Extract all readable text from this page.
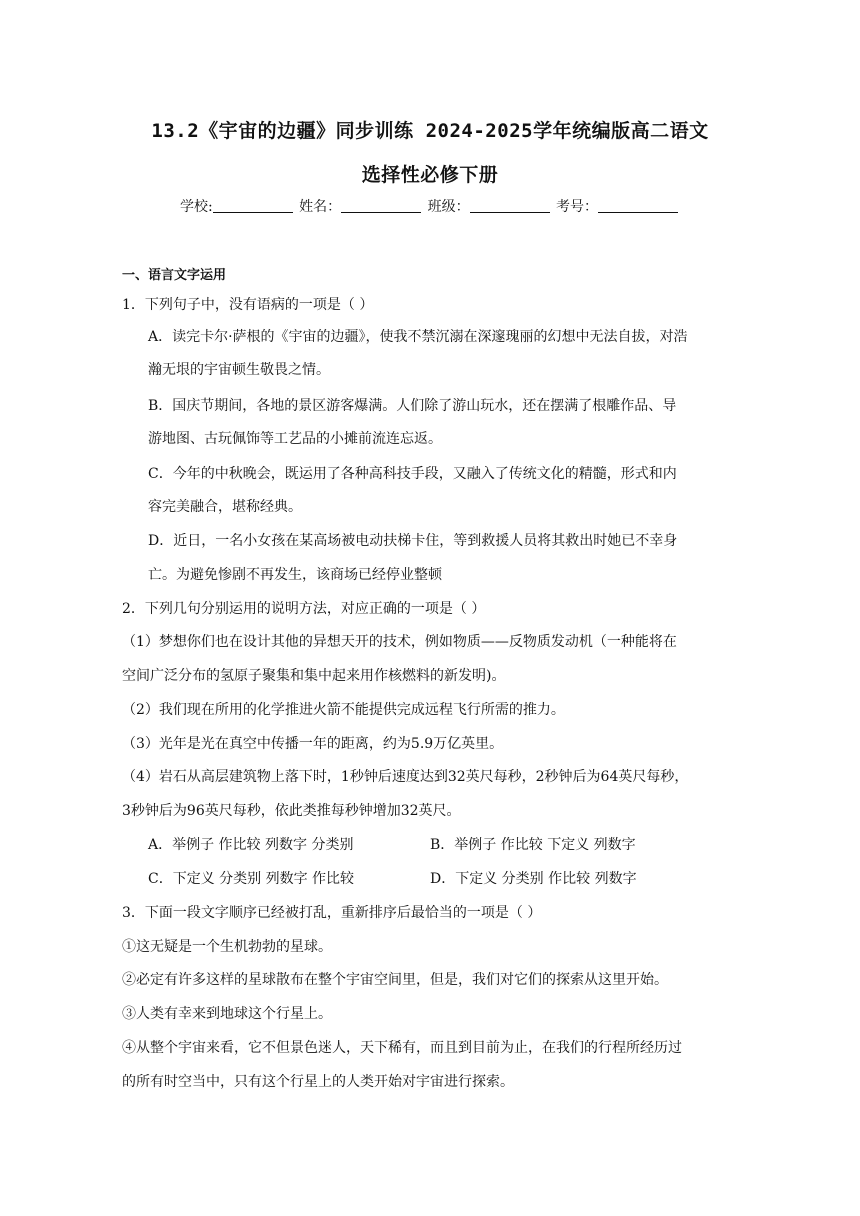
13.2《宇宙的边疆》同步训练 2024-2025学年统编版高二语文
选择性必修下册
学校:	姓名：	班级：	考号：
一、语言文字运用
1．下列句子中，没有语病的一项是（ ）
A．读完卡尔·萨根的《宇宙的边疆》，使我不禁沉溺在深邃瑰丽的幻想中无法自拔，对浩
瀚无垠的宇宙顿生敬畏之情。
B．国庆节期间，各地的景区游客爆满。人们除了游山玩水，还在摆满了根雕作品、导
游地图、古玩佩饰等工艺品的小摊前流连忘返。
C．今年的中秋晚会，既运用了各种高科技手段，又融入了传统文化的精髓，形式和内
容完美融合，堪称经典。
D．近日，一名小女孩在某高场被电动扶梯卡住，等到救援人员将其救出时她已不幸身
亡。为避免惨剧不再发生，该商场已经停业整顿
2．下列几句分别运用的说明方法，对应正确的一项是（ ）
（1）梦想你们也在设计其他的异想天开的技术，例如物质——反物质发动机（一种能将在
空间广泛分布的氢原子聚集和集中起来用作核燃料的新发明)。
（2）我们现在所用的化学推进火箭不能提供完成远程飞行所需的推力。
（3）光年是光在真空中传播一年的距离，约为5.9万亿英里。
（4）岩石从高层建筑物上落下时，1秒钟后速度达到32英尺每秒，2秒钟后为64英尺每秒，
3秒钟后为96英尺每秒，依此类推每秒钟增加32英尺。
A．举例子 作比较 列数字 分类别	B．举例子 作比较 下定义 列数字
C．下定义 分类别 列数字 作比较	D．下定义 分类别 作比较 列数字
3．下面一段文字顺序已经被打乱，重新排序后最恰当的一项是（ ）
①这无疑是一个生机勃勃的星球。
②必定有许多这样的星球散布在整个宇宙空间里，但是，我们对它们的探索从这里开始。
③人类有幸来到地球这个行星上。
④从整个宇宙来看，它不但景色迷人，天下稀有，而且到目前为止，在我们的行程所经历过
的所有时空当中，只有这个行星上的人类开始对宇宙进行探索。
